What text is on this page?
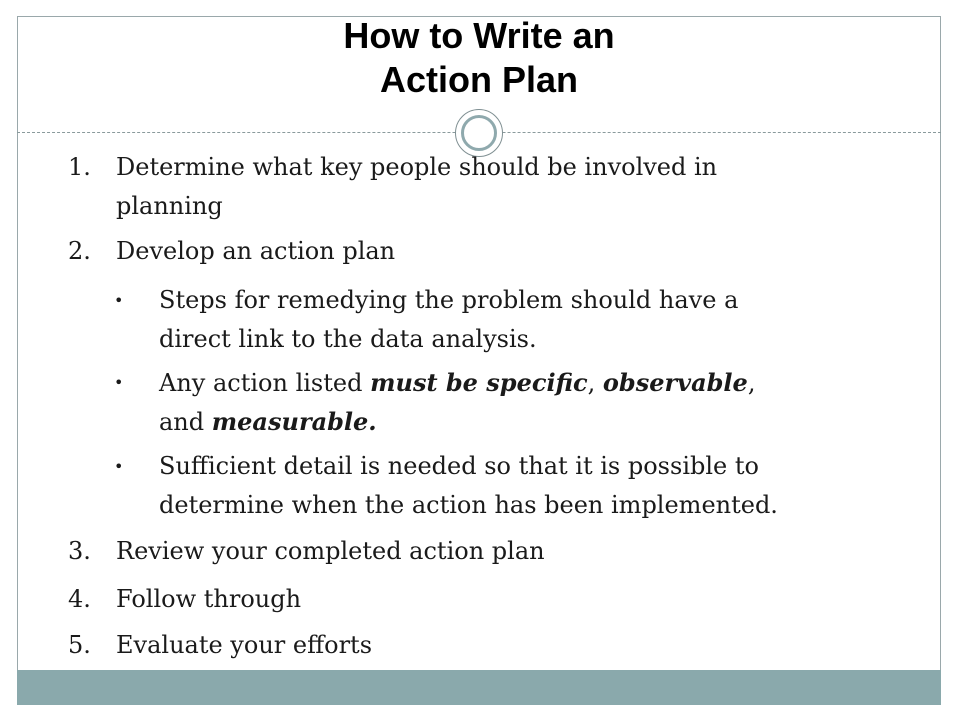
How to Write an
Action Plan
1.	Determine what key people should be involved in
planning
2.	Develop an action plan
•	Steps for remedying the problem should have a
direct link to the data analysis.
•	Any action listed must be specific, observable,
and measurable.
•	Sufficient detail is needed so that it is possible to
determine when the action has been implemented.
3.	Review your completed action plan
4.	Follow through
5.	Evaluate your efforts
